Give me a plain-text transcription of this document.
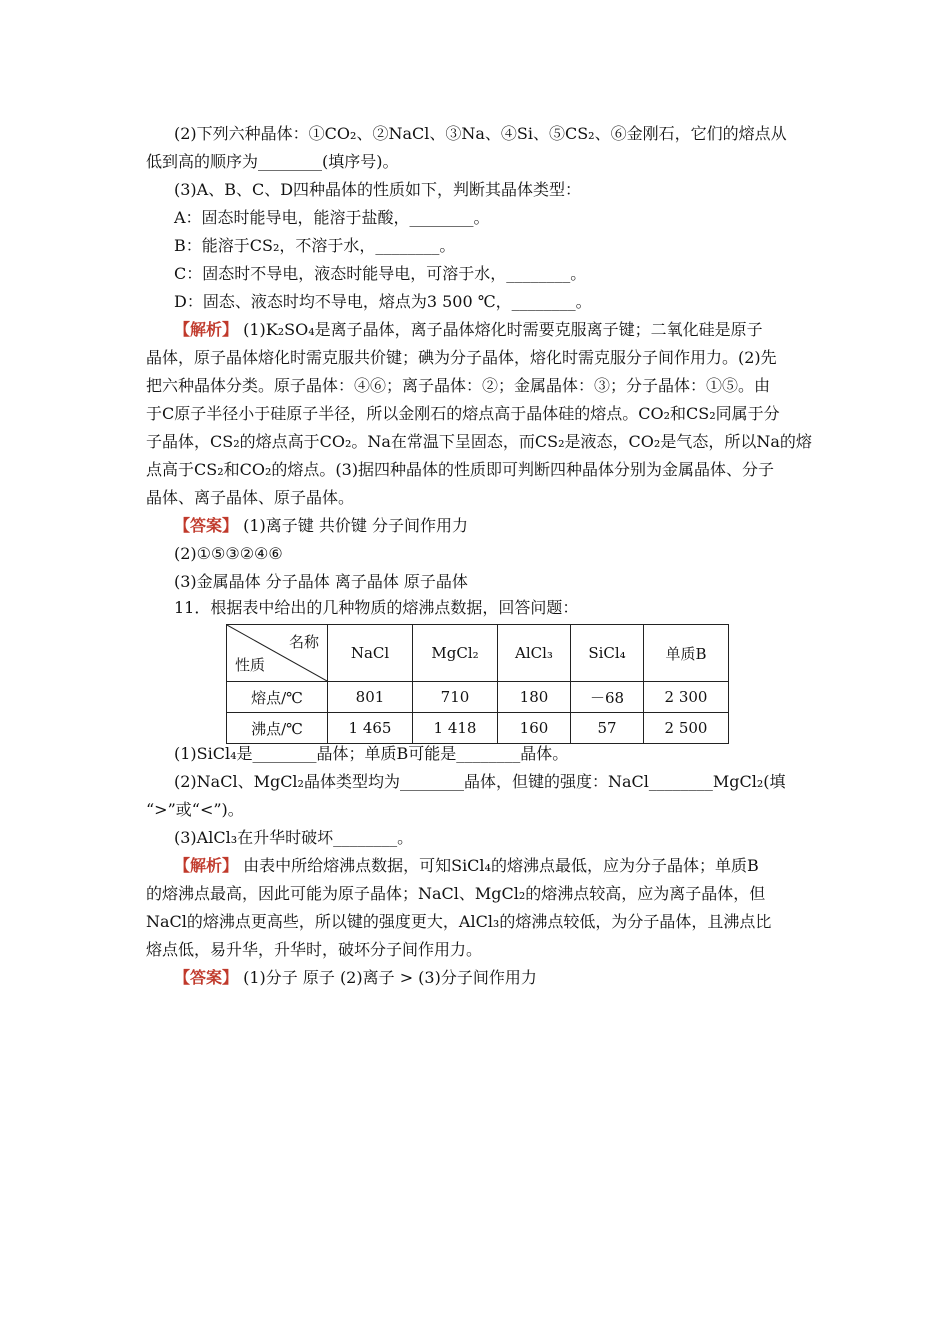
(2)下列六种晶体：①CO₂、②NaCl、③Na、④Si、⑤CS₂、⑥金刚石，它们的熔点从
低到高的顺序为________(填序号)。
(3)A、B、C、D四种晶体的性质如下，判断其晶体类型：
A：固态时能导电，能溶于盐酸，________。
B：能溶于CS₂，不溶于水，________。
C：固态时不导电，液态时能导电，可溶于水，________。
D：固态、液态时均不导电，熔点为3 500 ℃，________。
【解析】 (1)K₂SO₄是离子晶体，离子晶体熔化时需要克服离子键；二氧化硅是原子
晶体，原子晶体熔化时需克服共价键；碘为分子晶体，熔化时需克服分子间作用力。(2)先
把六种晶体分类。原子晶体：④⑥；离子晶体：②；金属晶体：③；分子晶体：①⑤。由
于C原子半径小于硅原子半径，所以金刚石的熔点高于晶体硅的熔点。CO₂和CS₂同属于分
子晶体，CS₂的熔点高于CO₂。Na在常温下呈固态，而CS₂是液态，CO₂是气态，所以Na的熔
点高于CS₂和CO₂的熔点。(3)据四种晶体的性质即可判断四种晶体分别为金属晶体、分子
晶体、离子晶体、原子晶体。
【答案】 (1)离子键 共价键 分子间作用力
(2)①⑤③②④⑥
(3)金属晶体 分子晶体 离子晶体 原子晶体
11．根据表中给出的几种物质的熔沸点数据，回答问题：
名称
性质	NaCl	MgCl₂	AlCl₃	SiCl₄	单质B
熔点/℃	801	710	180	－68	2 300
沸点/℃	1 465	1 418	160	57	2 500
(1)SiCl₄是________晶体；单质B可能是________晶体。
(2)NaCl、MgCl₂晶体类型均为________晶体，但键的强度：NaCl________MgCl₂(填
“>”或“<”)。
(3)AlCl₃在升华时破坏________。
【解析】 由表中所给熔沸点数据，可知SiCl₄的熔沸点最低，应为分子晶体；单质B
的熔沸点最高，因此可能为原子晶体；NaCl、MgCl₂的熔沸点较高，应为离子晶体，但
NaCl的熔沸点更高些，所以键的强度更大，AlCl₃的熔沸点较低，为分子晶体，且沸点比
熔点低，易升华，升华时，破坏分子间作用力。
【答案】 (1)分子 原子 (2)离子 > (3)分子间作用力
